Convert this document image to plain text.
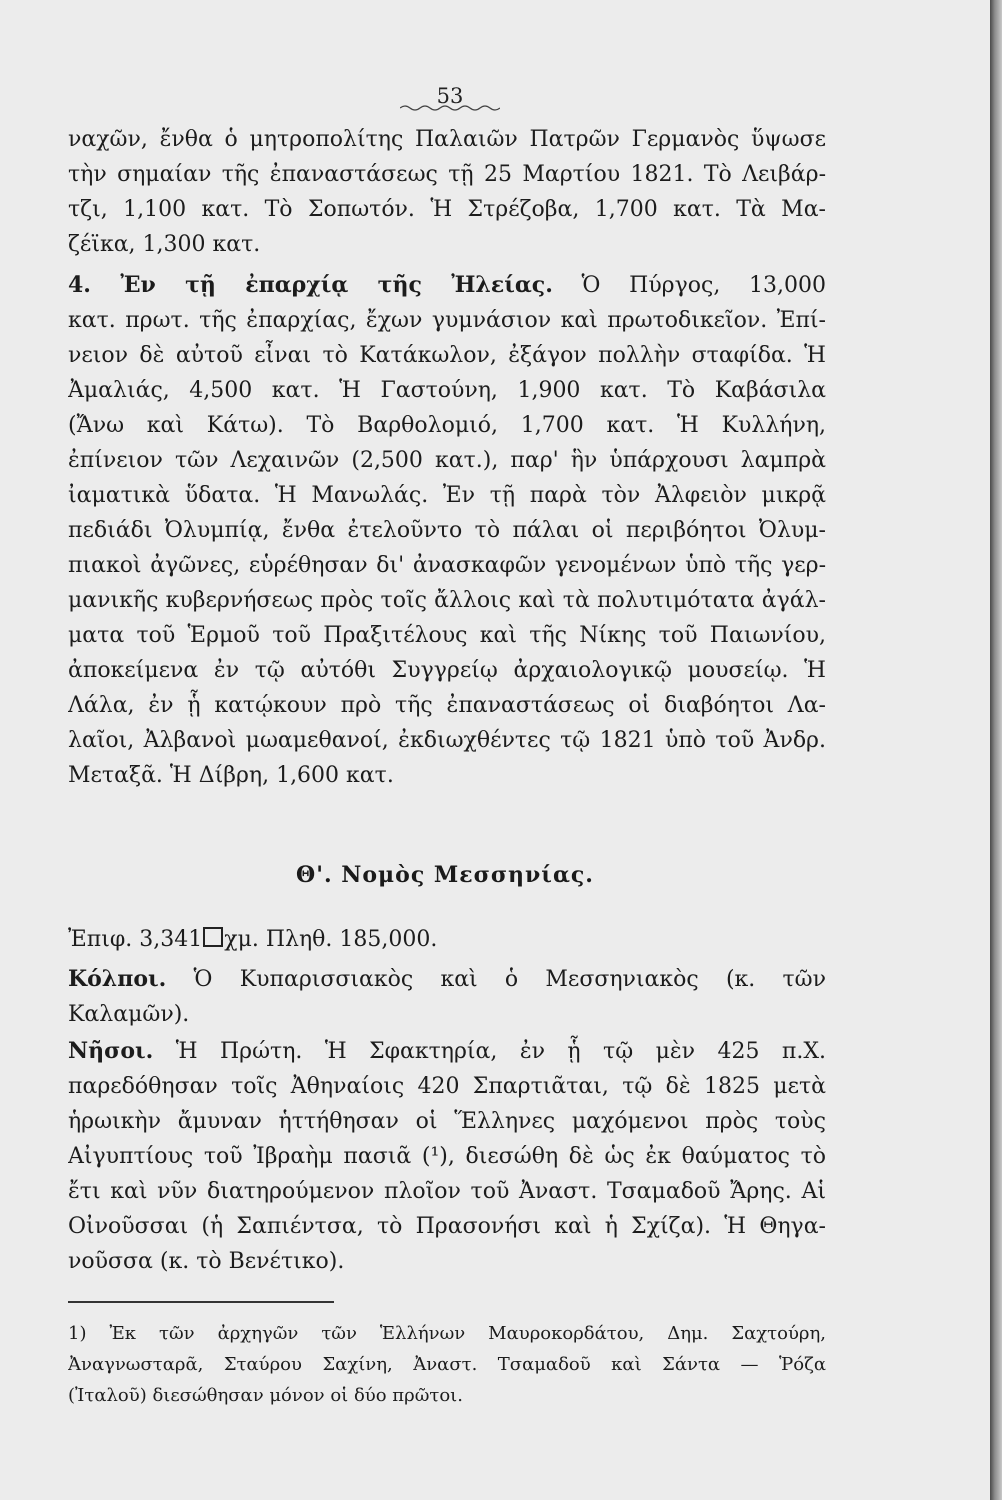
53
ναχῶν, ἔνθα ὁ μητροπολίτης Παλαιῶν Πατρῶν Γερμανὸς ὕψωσε
τὴν σημαίαν τῆς ἐπαναστάσεως τῇ 25 Μαρτίου 1821. Τὸ Λειβάρ-
τζι, 1,100 κατ. Τὸ Σοπωτόν. Ἡ Στρέζοβα, 1,700 κατ. Τὰ Μα-
ζέϊκα, 1,300 κατ.
4. Ἐν τῇ ἐπαρχίᾳ τῆς Ἠλείας. Ὁ Πύργος, 13,000
κατ. πρωτ. τῆς ἐπαρχίας, ἔχων γυμνάσιον καὶ πρωτοδικεῖον. Ἐπί-
νειον δὲ αὐτοῦ εἶναι τὸ Κατάκωλον, ἐξάγον πολλὴν σταφίδα. Ἡ
Ἀμαλιάς, 4,500 κατ. Ἡ Γαστούνη, 1,900 κατ. Τὸ Καβάσιλα
(Ἄνω καὶ Κάτω). Τὸ Βαρθολομιό, 1,700 κατ. Ἡ Κυλλήνη,
ἐπίνειον τῶν Λεχαινῶν (2,500 κατ.), παρ' ἣν ὑπάρχουσι λαμπρὰ
ἰαματικὰ ὕδατα. Ἡ Μανωλάς. Ἐν τῇ παρὰ τὸν Ἀλφειὸν μικρᾷ
πεδιάδι Ὀλυμπίᾳ, ἔνθα ἐτελοῦντο τὸ πάλαι οἱ περιβόητοι Ὀλυμ-
πιακοὶ ἀγῶνες, εὑρέθησαν δι' ἀνασκαφῶν γενομένων ὑπὸ τῆς γερ-
μανικῆς κυβερνήσεως πρὸς τοῖς ἄλλοις καὶ τὰ πολυτιμότατα ἀγάλ-
ματα τοῦ Ἑρμοῦ τοῦ Πραξιτέλους καὶ τῆς Νίκης τοῦ Παιωνίου,
ἀποκείμενα ἐν τῷ αὐτόθι Συγγρείῳ ἀρχαιολογικῷ μουσείῳ. Ἡ
Λάλα, ἐν ᾗ κατῴκουν πρὸ τῆς ἐπαναστάσεως οἱ διαβόητοι Λα-
λαῖοι, Ἀλβανοὶ μωαμεθανοί, ἐκδιωχθέντες τῷ 1821 ὑπὸ τοῦ Ἀνδρ.
Μεταξᾶ. Ἡ Δίβρη, 1,600 κατ.
Θ'. Νομὸς Μεσσηνίας.
Ἐπιφ. 3,341 χμ. Πληθ. 185,000.
Κόλποι. Ὁ Κυπαρισσιακὸς καὶ ὁ Μεσσηνιακὸς (κ. τῶν
Καλαμῶν).
Νῆσοι. Ἡ Πρώτη. Ἡ Σφακτηρία, ἐν ᾗ τῷ μὲν 425 π.Χ.
παρεδόθησαν τοῖς Ἀθηναίοις 420 Σπαρτιᾶται, τῷ δὲ 1825 μετὰ
ἡρωικὴν ἄμυναν ἡττήθησαν οἱ Ἕλληνες μαχόμενοι πρὸς τοὺς
Αἰγυπτίους τοῦ Ἰβραὴμ πασιᾶ (¹), διεσώθη δὲ ὡς ἐκ θαύματος τὸ
ἔτι καὶ νῦν διατηρούμενον πλοῖον τοῦ Ἀναστ. Τσαμαδοῦ Ἄρης. Αἱ
Οἰνοῦσσαι (ἡ Σαπιέντσα, τὸ Πρασονήσι καὶ ἡ Σχίζα). Ἡ Θηγα-
νοῦσσα (κ. τὸ Βενέτικο).
1) Ἐκ τῶν ἀρχηγῶν τῶν Ἑλλήνων Μαυροκορδάτου, Δημ. Σαχτούρη,
Ἀναγνωσταρᾶ, Σταύρου Σαχίνη, Ἀναστ. Τσαμαδοῦ καὶ Σάντα — Ῥόζα
(Ἰταλοῦ) διεσώθησαν μόνον οἱ δύο πρῶτοι.
